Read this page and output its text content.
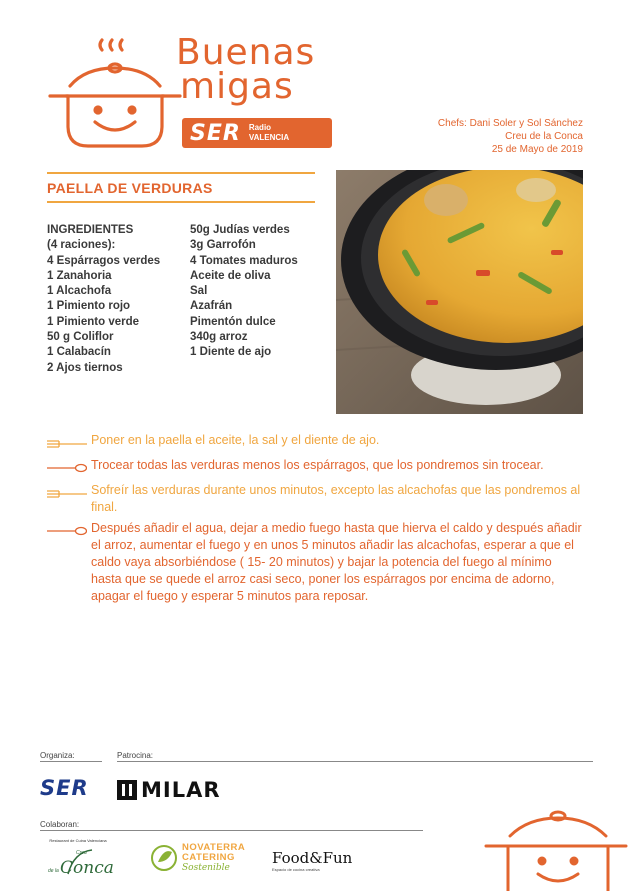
Buenas
migas
SER	Radio
VALENCIA
Chefs: Dani Soler y Sol Sánchez
Creu de la Conca
25 de Mayo de 2019
PAELLA DE VERDURAS
INGREDIENTES
(4 raciones):
4 Espárragos verdes
1 Zanahoria
1 Alcachofa
1 Pimiento rojo
1 Pimiento verde
50 g Coliflor
1 Calabacín
2 Ajos tiernos
50g Judías verdes
3g Garrofón
4 Tomates maduros
Aceite de oliva
Sal
Azafrán
Pimentón dulce
340g arroz
1 Diente de ajo
Poner en la paella el aceite, la sal y el diente de ajo.
Trocear todas las verduras menos los espárragos, que los pondremos sin trocear.
Sofreír las verduras durante unos minutos, excepto las alcachofas que las pondremos al final.
Después añadir el agua, dejar a medio fuego hasta que hierva el caldo y después añadir el arroz, aumentar el fuego y en unos 5 minutos añadir las alcachofas, esperar a que el caldo vaya absorbiéndose ( 15- 20 minutos) y bajar la potencia del fuego al mínimo hasta que se quede el arroz casi seco, poner los espárragos por encima de adorno, apagar el fuego y esperar 5 minutos para reposar.
Organiza:	Patrocina:
SER MILAR
Colaboran:
Restaurant de Cuina Valenciana
Creu
de la Conca
NOVATERRA
CATERING
Sostenible
Food&Fun
Espacio de cocina creativa
